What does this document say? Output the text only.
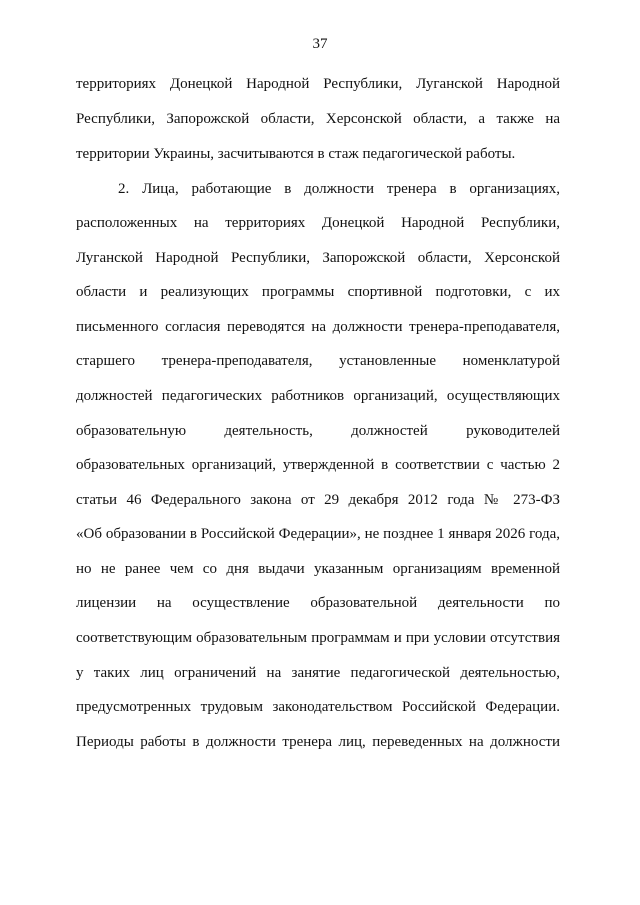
37
территориях Донецкой Народной Республики, Луганской Народной
Республики, Запорожской области, Херсонской области, а также на
территории Украины, засчитываются в стаж педагогической работы.
2. Лица, работающие в должности тренера в организациях,
расположенных на территориях Донецкой Народной Республики,
Луганской Народной Республики, Запорожской области, Херсонской
области и реализующих программы спортивной подготовки, с их
письменного согласия переводятся на должности тренера-преподавателя,
старшего тренера-преподавателя, установленные номенклатурой
должностей педагогических работников организаций, осуществляющих
образовательную деятельность, должностей руководителей
образовательных организаций, утвержденной в соответствии с частью 2
статьи 46 Федерального закона от 29 декабря 2012 года № 273-ФЗ
«Об образовании в Российской Федерации», не позднее 1 января 2026 года,
но не ранее чем со дня выдачи указанным организациям временной
лицензии на осуществление образовательной деятельности по
соответствующим образовательным программам и при условии отсутствия
у таких лиц ограничений на занятие педагогической деятельностью,
предусмотренных трудовым законодательством Российской Федерации.
Периоды работы в должности тренера лиц, переведенных на должности
